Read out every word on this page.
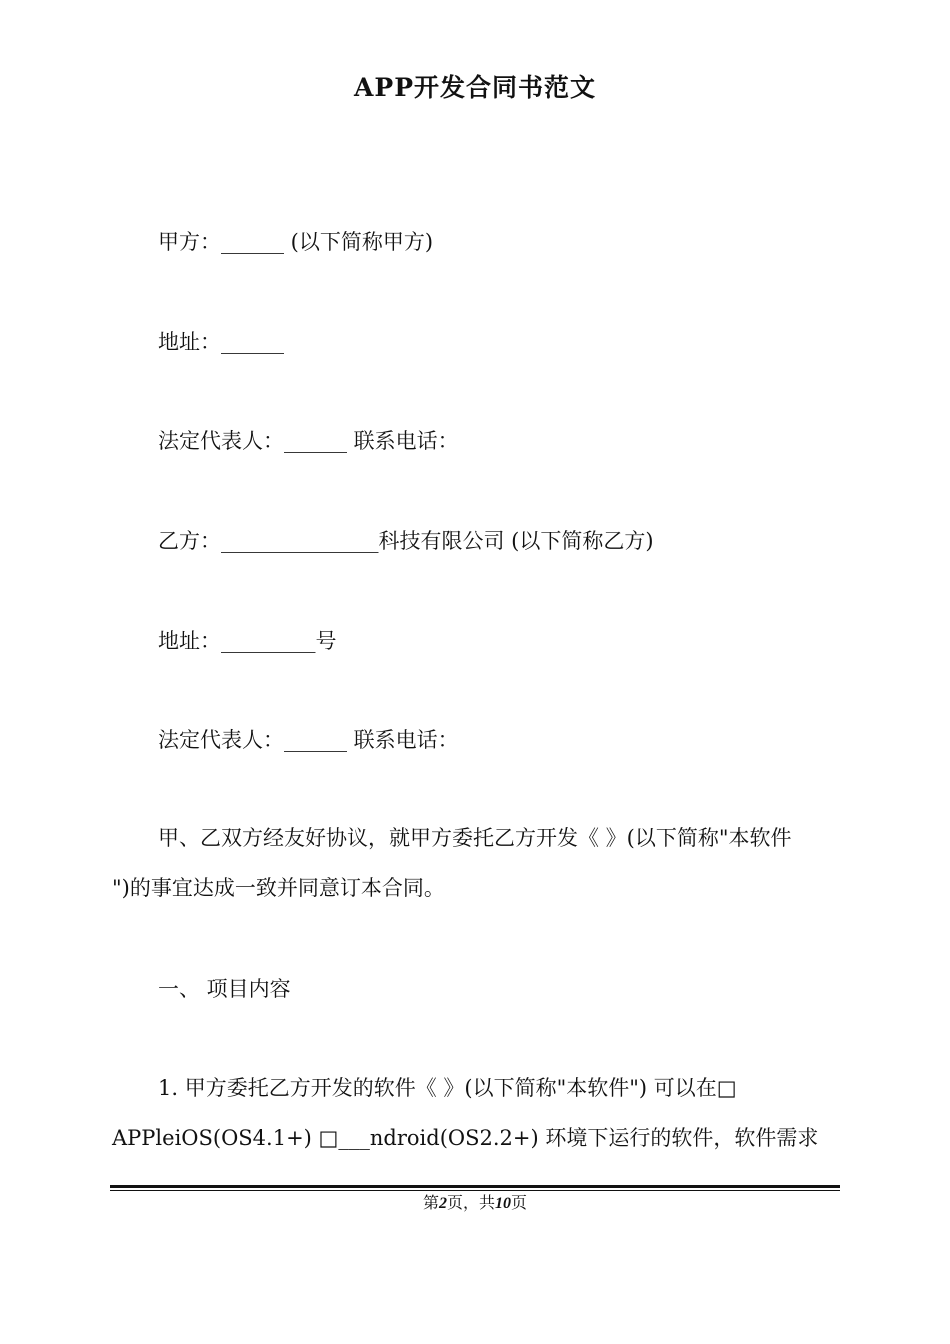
APP开发合同书范文
甲方：______ (以下简称甲方)
地址：______
法定代表人：______ 联系电话：
乙方：_______________科技有限公司 (以下简称乙方)
地址：_________号
法定代表人：______ 联系电话：
甲、乙双方经友好协议，就甲方委托乙方开发《 》(以下简称"本软件
")的事宜达成一致并同意订本合同。
一、 项目内容
1. 甲方委托乙方开发的软件《 》(以下简称"本软件") 可以在□
APPleiOS(OS4.1+) □___ndroid(OS2.2+) 环境下运行的软件，软件需求
第2页，共10页
